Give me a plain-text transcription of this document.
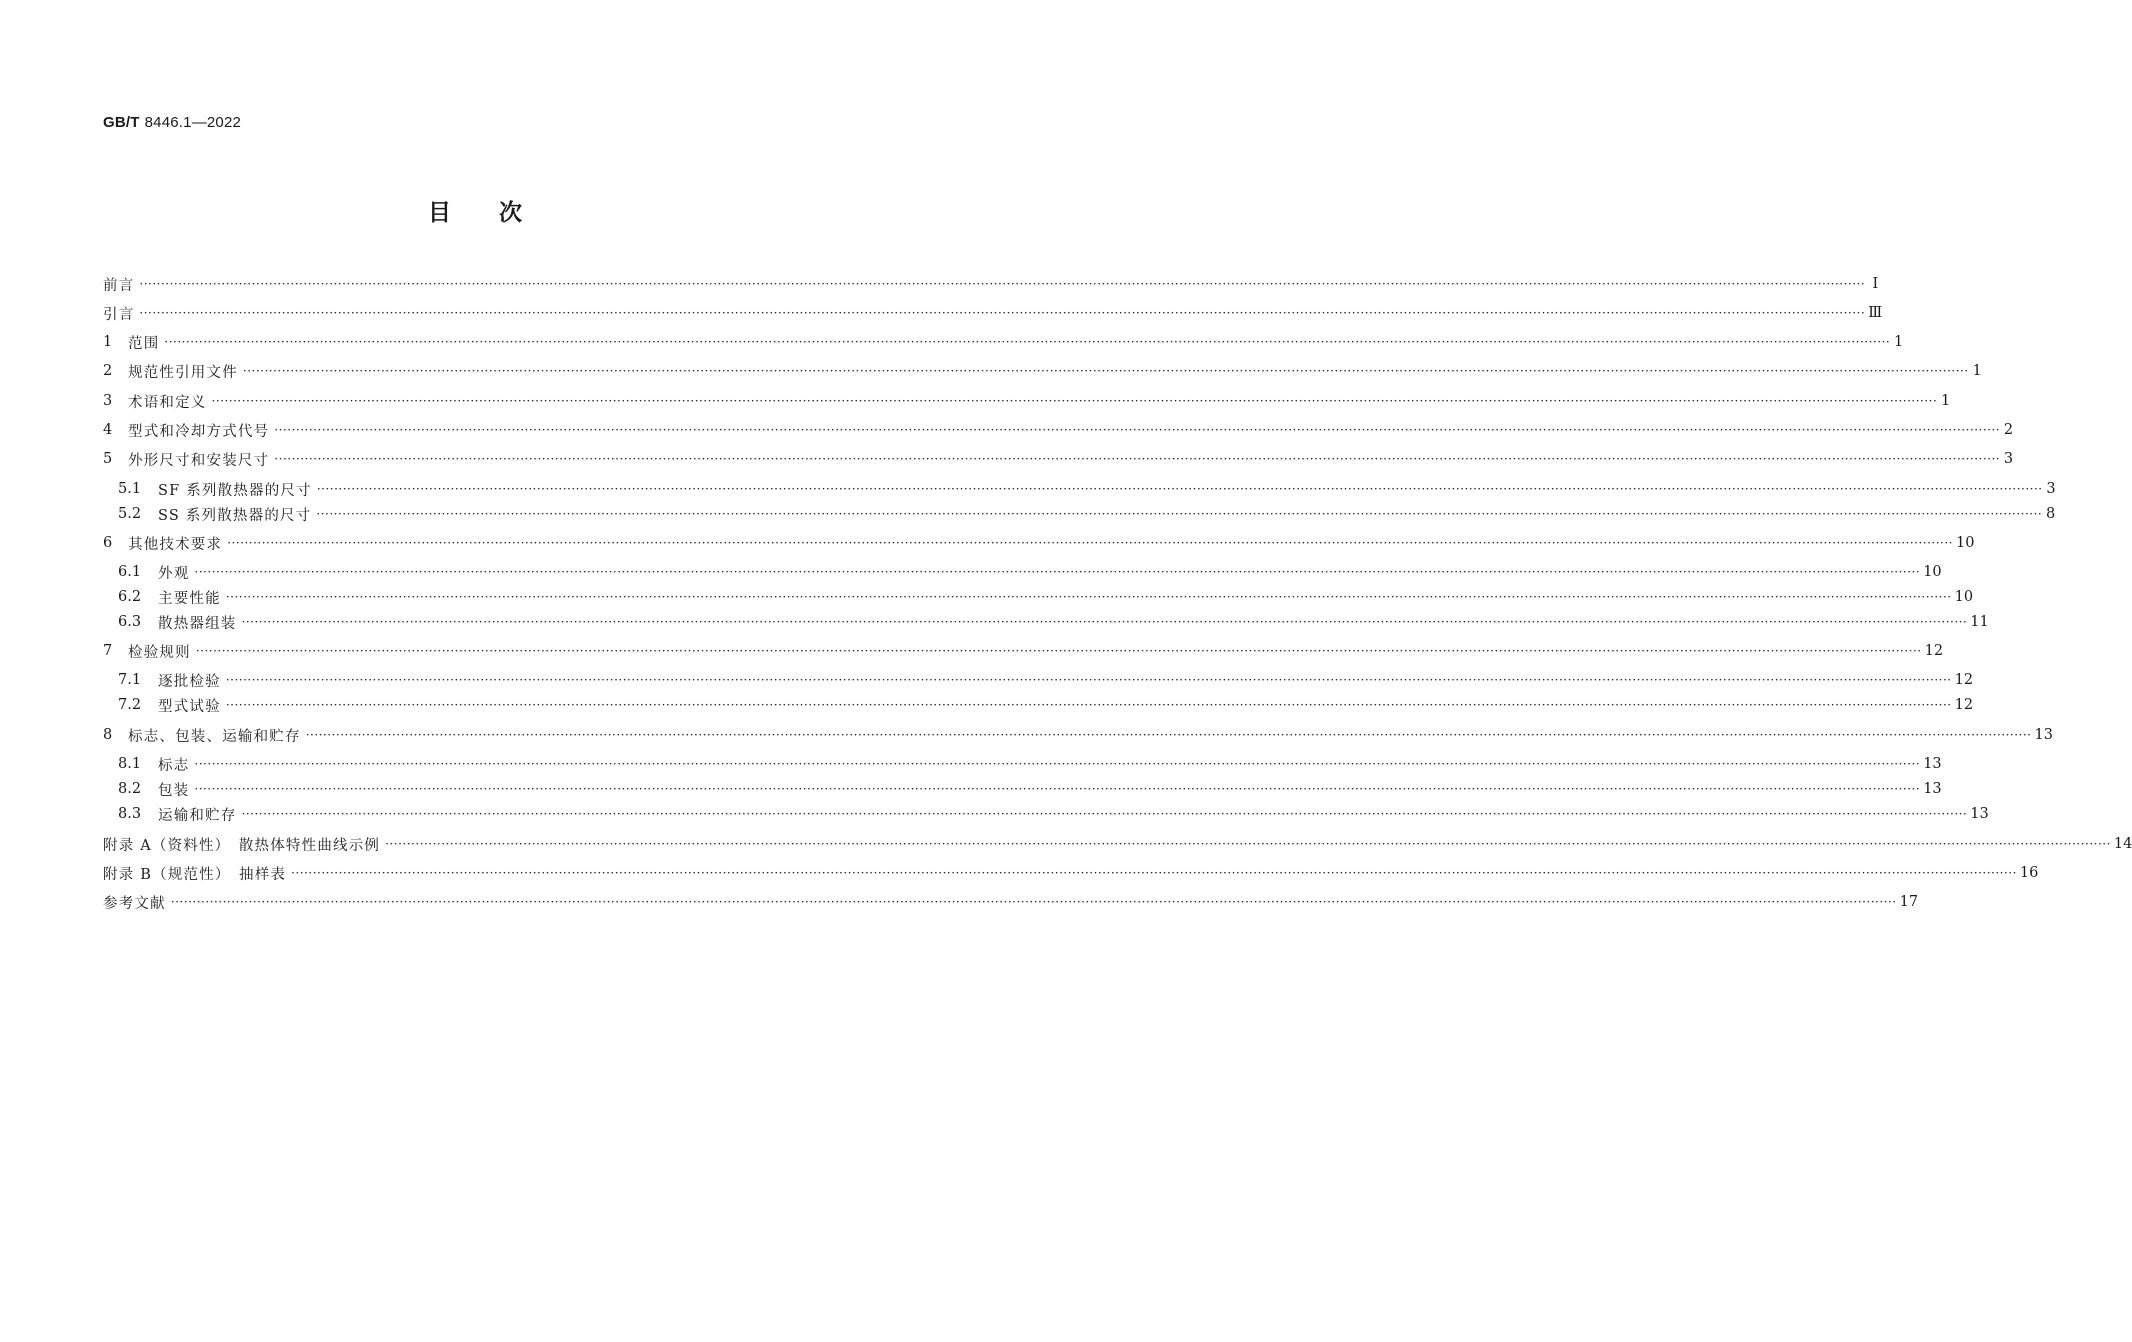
GB/T 8446.1—2022
目 次
前言 ················································································································································································································································································································································································································ Ⅰ
引言 ················································································································································································································································································································································································································ Ⅲ
1	范围 ················································································································································································································································································································································································································ 1
2	规范性引用文件 ················································································································································································································································································································································································································ 1
3	术语和定义 ················································································································································································································································································································································································································ 1
4	型式和冷却方式代号 ················································································································································································································································································································································································································ 2
5	外形尺寸和安装尺寸 ················································································································································································································································································································································································································ 3
5.1	SF 系列散热器的尺寸 ················································································································································································································································································································································································································ 3
5.2	SS 系列散热器的尺寸 ················································································································································································································································································································································································································ 8
6	其他技术要求 ················································································································································································································································································································································································································ 10
6.1	外观 ················································································································································································································································································································································································································ 10
6.2	主要性能 ················································································································································································································································································································································································································ 10
6.3	散热器组装 ················································································································································································································································································································································································································ 11
7	检验规则 ················································································································································································································································································································································································································ 12
7.1	逐批检验 ················································································································································································································································································································································································································ 12
7.2	型式试验 ················································································································································································································································································································································································································ 12
8	标志、包装、运输和贮存 ················································································································································································································································································································································································································ 13
8.1	标志 ················································································································································································································································································································································································································ 13
8.2	包装 ················································································································································································································································································································································································································ 13
8.3	运输和贮存 ················································································································································································································································································································································································································ 13
附录 A（资料性）　散热体特性曲线示例 ················································································································································································································································································································································································································ 14
附录 B（规范性）　抽样表 ················································································································································································································································································································································································································ 16
参考文献 ················································································································································································································································································································································································································ 17
